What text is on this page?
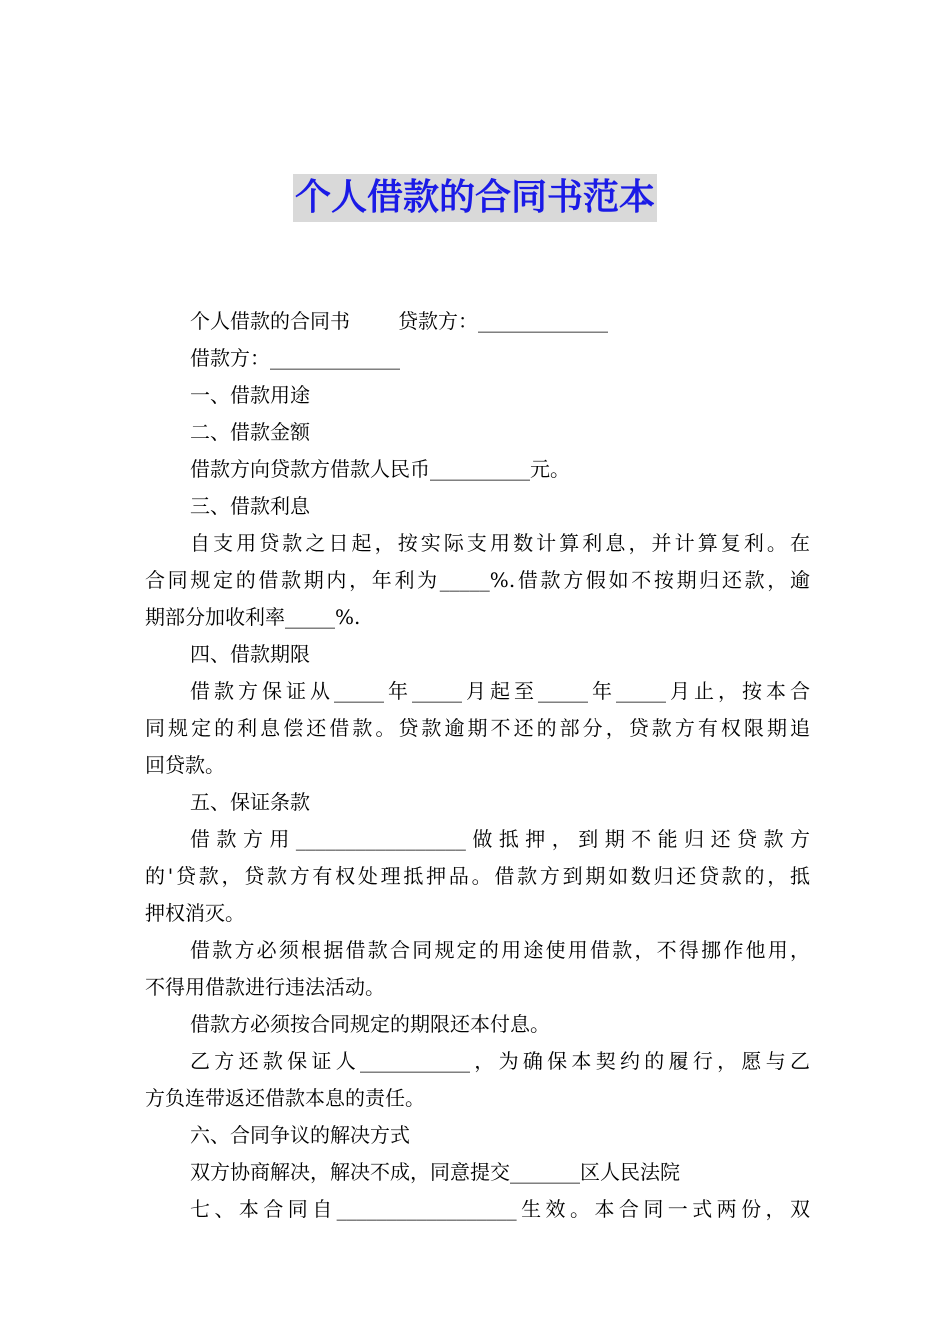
个人借款的合同书范本

个人借款的合同书 贷款方：_____________

借款方：_____________

一、借款用途

二、借款金额

借款方向贷款方借款人民币__________元。

三、借款利息

自支用贷款之日起，按实际支用数计算利息，并计算复利。在

合同规定的借款期内，年利为_____%.借款方假如不按期归还款，逾

期部分加收利率_____%.

四、借款期限

借款方保证从_____年_____月起至_____年_____月止，按本合

同规定的利息偿还借款。贷款逾期不还的部分，贷款方有权限期追

回贷款。

五、保证条款

借款方用_________________做抵押，到期不能归还贷款方

的'贷款，贷款方有权处理抵押品。借款方到期如数归还贷款的，抵

押权消灭。

借款方必须根据借款合同规定的用途使用借款，不得挪作他用，

不得用借款进行违法活动。

借款方必须按合同规定的期限还本付息。

乙方还款保证人___________，为确保本契约的履行，愿与乙

方负连带返还借款本息的责任。

六、合同争议的解决方式

双方协商解决，解决不成，同意提交_______区人民法院

七、本合同自__________________生效。本合同一式两份，双
